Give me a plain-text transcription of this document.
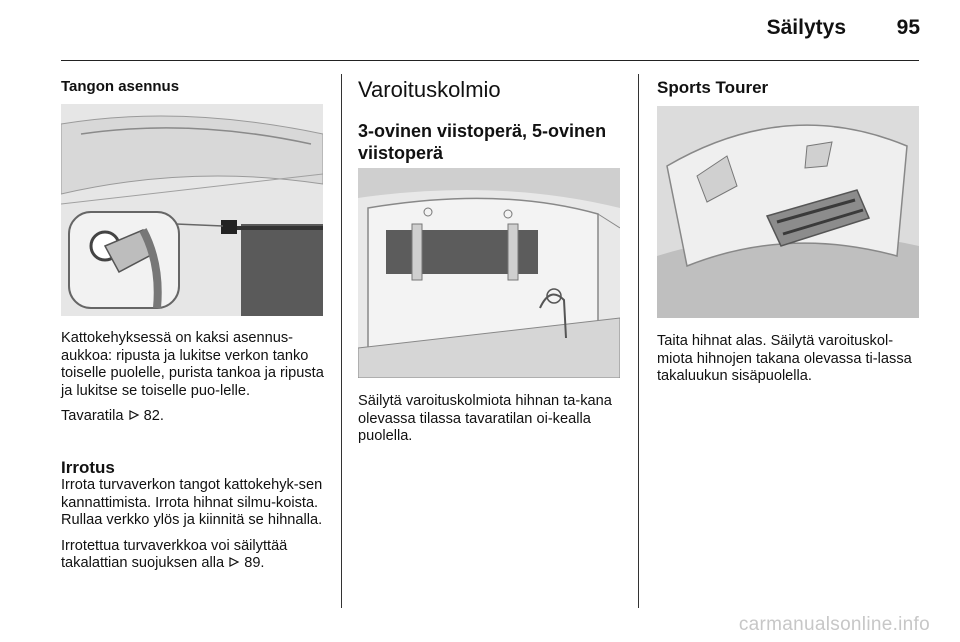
Säilytys	95
Tangon asennus

Kattokehyksessä on kaksi asennus-aukkoa: ripusta ja lukitse verkon tanko toiselle puolelle, purista tankoa ja ripusta ja lukitse se toiselle puo-lelle.

Tavaratila 82.

Irrotus

Irrota turvaverkon tangot kattokehyk-sen kannattimista. Irrota hihnat silmu-koista. Rullaa verkko ylös ja kiinnitä se hihnalla.

Irrotettua turvaverkkoa voi säilyttää takalattian suojuksen alla 89.

Varoituskolmio
3-ovinen viistoperä, 5-ovinen viistoperä

Säilytä varoituskolmiota hihnan ta-kana olevassa tilassa tavaratilan oi-kealla puolella.

Sports Tourer

Taita hihnat alas. Säilytä varoituskol-miota hihnojen takana olevassa ti-lassa takaluukun sisäpuolella.

carmanualsonline.info
